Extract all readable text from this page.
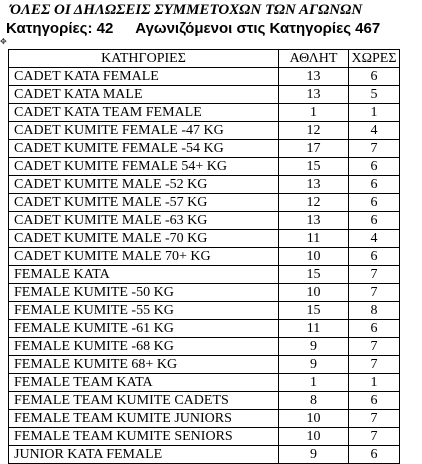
ΌΛΕΣ ΟΙ ΔΗΛΩΣΕΙΣ ΣΥΜΜΕΤΟΧΩΝ ΤΩΝ ΑΓΩΝΩΝ
Κατηγορίες: 42 Αγωνιζόμενοι στις Κατηγορίες 467
✥
ΚΑΤΗΓΟΡΙΕΣ	ΑΘΛΗΤ	ΧΩΡΕΣ
CADET KATA FEMALE	13	6
CADET KATA MALE	13	5
CADET KATA TEAM FEMALE	1	1
CADET KUMITE FEMALE -47 KG	12	4
CADET KUMITE FEMALE -54 KG	17	7
CADET KUMITE FEMALE 54+ KG	15	6
CADET KUMITE MALE -52 KG	13	6
CADET KUMITE MALE -57 KG	12	6
CADET KUMITE MALE -63 KG	13	6
CADET KUMITE MALE -70 KG	11	4
CADET KUMITE MALE 70+ KG	10	6
FEMALE KATA	15	7
FEMALE KUMITE -50 KG	10	7
FEMALE KUMITE -55 KG	15	8
FEMALE KUMITE -61 KG	11	6
FEMALE KUMITE -68 KG	9	7
FEMALE KUMITE 68+ KG	9	7
FEMALE TEAM KATA	1	1
FEMALE TEAM KUMITE CADETS	8	6
FEMALE TEAM KUMITE JUNIORS	10	7
FEMALE TEAM KUMITE SENIORS	10	7
JUNIOR KATA FEMALE	9	6
